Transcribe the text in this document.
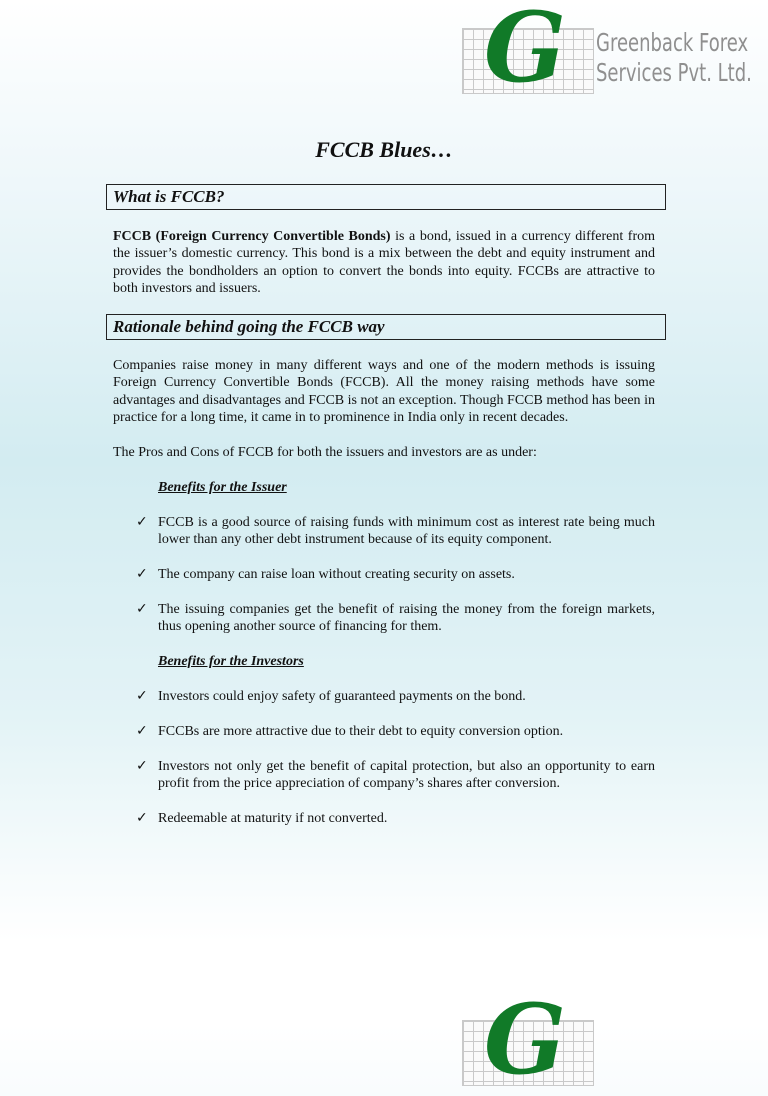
G	Greenback Forex
Services Pvt. Ltd.
FCCB Blues…
What is FCCB?

FCCB (Foreign Currency Convertible Bonds) is a bond, issued in a currency different from the issuer’s domestic currency. This bond is a mix between the debt and equity instrument and provides the bondholders an option to convert the bonds into equity. FCCBs are attractive to both investors and issuers.

Rationale behind going the FCCB way

Companies raise money in many different ways and one of the modern methods is issuing Foreign Currency Convertible Bonds (FCCB). All the money raising methods have some advantages and disadvantages and FCCB is not an exception. Though FCCB method has been in practice for a long time, it came in to prominence in India only in recent decades.

The Pros and Cons of FCCB for both the issuers and investors are as under:

Benefits for the Issuer

✓ FCCB is a good source of raising funds with minimum cost as interest rate being much lower than any other debt instrument because of its equity component.
✓ The company can raise loan without creating security on assets.
✓ The issuing companies get the benefit of raising the money from the foreign markets, thus opening another source of financing for them.

Benefits for the Investors

✓ Investors could enjoy safety of guaranteed payments on the bond.
✓ FCCBs are more attractive due to their debt to equity conversion option.
✓ Investors not only get the benefit of capital protection, but also an opportunity to earn profit from the price appreciation of company’s shares after conversion.
✓ Redeemable at maturity if not converted.
G
